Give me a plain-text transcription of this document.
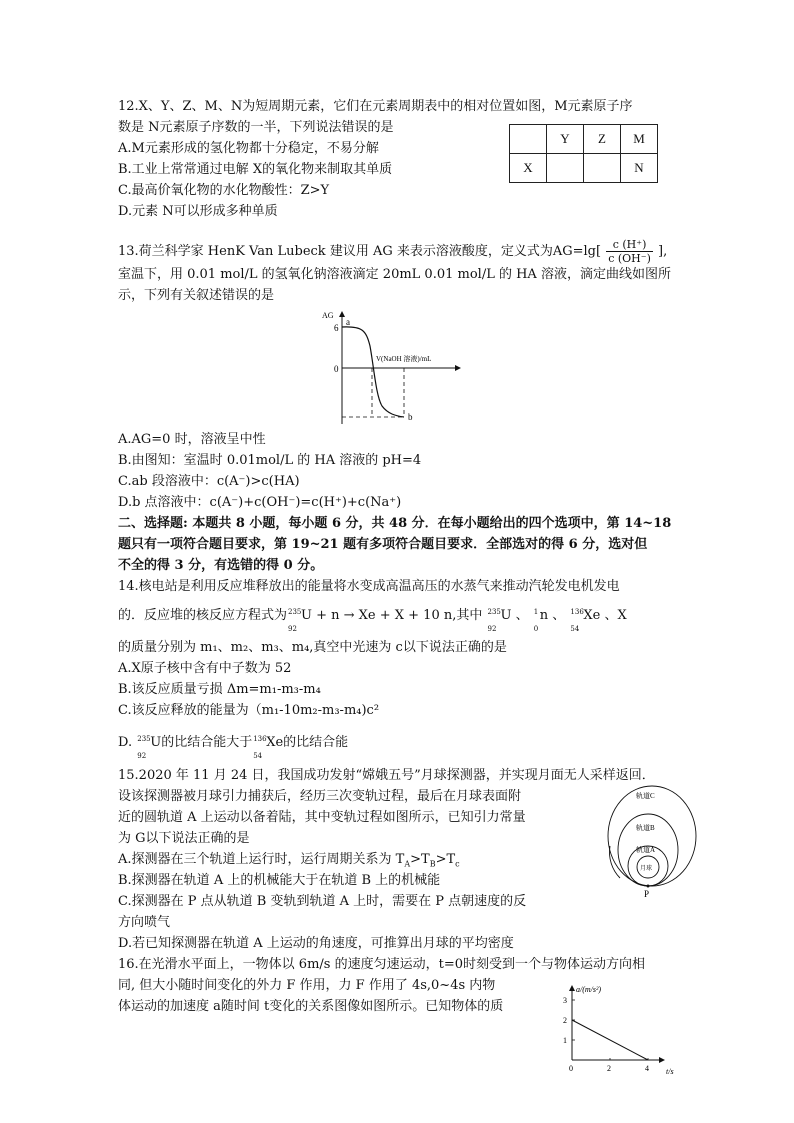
12.X、Y、Z、M、N为短周期元素，它们在元素周期表中的相对位置如图，M元素原子序
数是 N元素原子序数的一半，下列说法错误的是
A.M元素形成的氢化物都十分稳定，不易分解
B.工业上常常通过电解 X的氧化物来制取其单质
C.最高价氧化物的水化物酸性：Z>Y
D.元素 N可以形成多种单质
	Y	Z	M
X			N
13.荷兰科学家 HenK Van Lubeck 建议用 AG 来表示溶液酸度，定义式为$AG=\lg[ \frac{c (H^+)}{c (OH^-)}$ ],
室温下，用 0.01 mol/L 的氢氧化钠溶液滴定 20mL 0.01 mol/L 的 HA 溶液，滴定曲线如图所
示，下列有关叙述错误的是
AG
6
0
V(NaOH 溶液)/mL
a
b
A.AG=0 时，溶液呈中性
B.由图知：室温时 0.01mol/L 的 HA 溶液的 pH=4
C.ab 段溶液中：c(A⁻)>c(HA)
D.b 点溶液中：c(A⁻)+c(OH⁻)=c(H⁺)+c(Na⁺)
二、选择题: 本题共 8 小题，每小题 6 分，共 48 分．在每小题给出的四个选项中，第 14~18
题只有一项符合题目要求，第 19~21 题有多项符合题目要求．全部选对的得 6 分，选对但
不全的得 3 分，有选错的得 0 分。
14.核电站是利用反应堆释放出的能量将水变成高温高压的水蒸气来推动汽轮发电机发电
的．反应堆的核反应方程式为 235
92
U + n → Xe + X + 10 n,其中 235
92
U 、 1
0
n 、 136
54
Xe 、X
的质量分别为 m₁、m₂、m₃、m₄,真空中光速为 c以下说法正确的是
A.X原子核中含有中子数为 52
B.该反应质量亏损 Δm=m₁-m₃-m₄
C.该反应释放的能量为（m₁-10m₂-m₃-m₄)c²
D. 235
92
U的比结合能大于 136
54
Xe的比结合能
15.2020 年 11 月 24 日，我国成功发射“嫦娥五号”月球探测器，并实现月面无人采样返回．
设该探测器被月球引力捕获后，经历三次变轨过程，最后在月球表面附
近的圆轨道 A 上运动以备着陆，其中变轨过程如图所示，已知引力常量
为 G以下说法正确的是
A.探测器在三个轨道上运行时，运行周期关系为 $T_A>T_B>T_c$
B.探测器在轨道 A 上的机械能大于在轨道 B 上的机械能
C.探测器在 P 点从轨道 B 变轨到轨道 A 上时，需要在 P 点朝速度的反
方向喷气
D.若已知探测器在轨道 A 上运动的角速度，可推算出月球的平均密度
轨道C
轨道B
轨道A
月球
P
16.在光滑水平面上，一物体以 6m/s 的速度匀速运动，t=0时刻受到一个与物体运动方向相
同, 但大小随时间变化的外力 F 作用，力 F 作用了 4s,0~4s 内物
体运动的加速度 a随时间 t变化的关系图像如图所示。已知物体的质
a/(m/s²)
t/s
0	2	4
1
2
3
